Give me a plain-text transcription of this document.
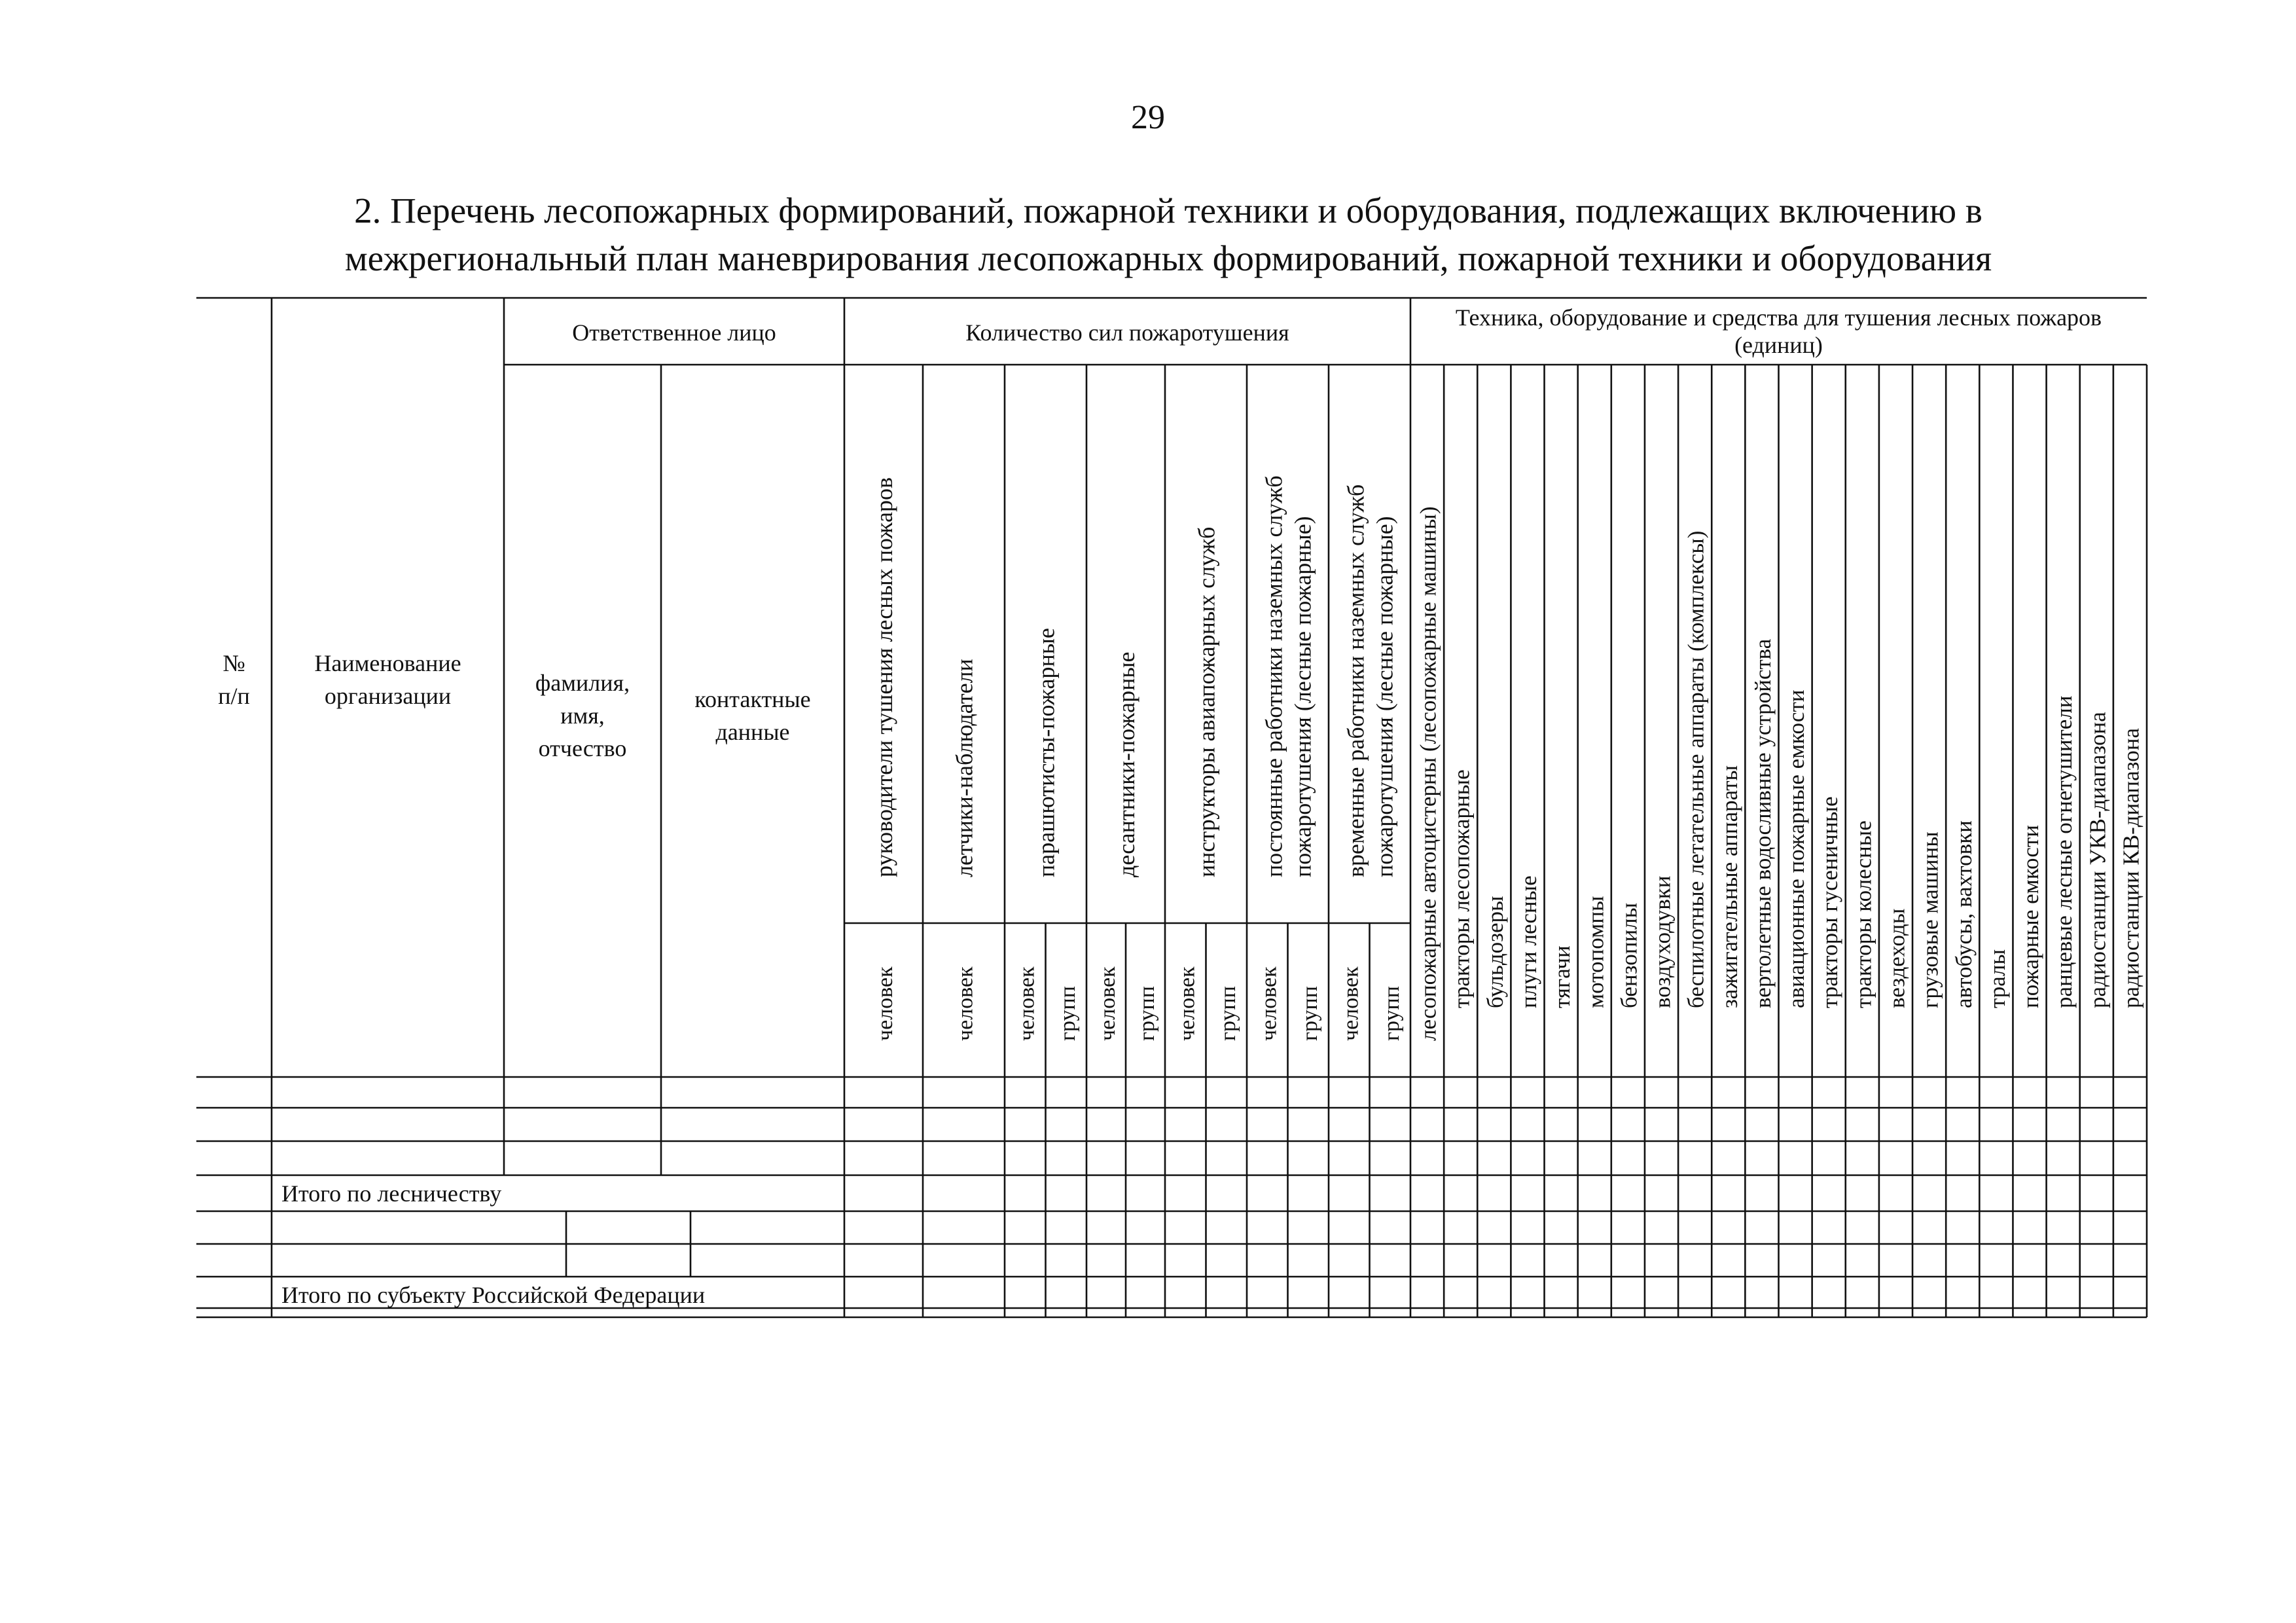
29
2. Перечень лесопожарных формирований, пожарной техники и оборудования, подлежащих включению в
межрегиональный план маневрирования лесопожарных формирований, пожарной техники и оборудования
№
п/п
Наименование
организации
Ответственное лицо
фамилия,
имя,
отчество
контактные
данные
Количество сил пожаротушения
Техника, оборудование и средства для тушения лесных пожаров
(единиц)
руководители тушения лесных пожаров летчики-наблюдатели парашютисты-пожарные десантники-пожарные инструкторы авиапожарных служб постоянные работники наземных служб пожаротушения (лесные пожарные) временные работники наземных служб пожаротушения (лесные пожарные)
человек	человек человек групп человек групп человек групп человек групп человек групп лесопожарные автоцистерны (лесопожарные машины) тракторы лесопожарные бульдозеры плуги лесные тягачи мотопомпы бензопилы воздуходувки беспилотные летательные аппараты (комплексы) зажигательные аппараты вертолетные водосливные устройства авиационные пожарные емкости тракторы гусеничные тракторы колесные вездеходы грузовые машины автобусы, вахтовки тралы пожарные емкости ранцевые лесные огнетушители радиостанции УКВ-диапазона радиостанции КВ-диапазона
Итого по лесничеству
Итого по субъекту Российской Федерации
